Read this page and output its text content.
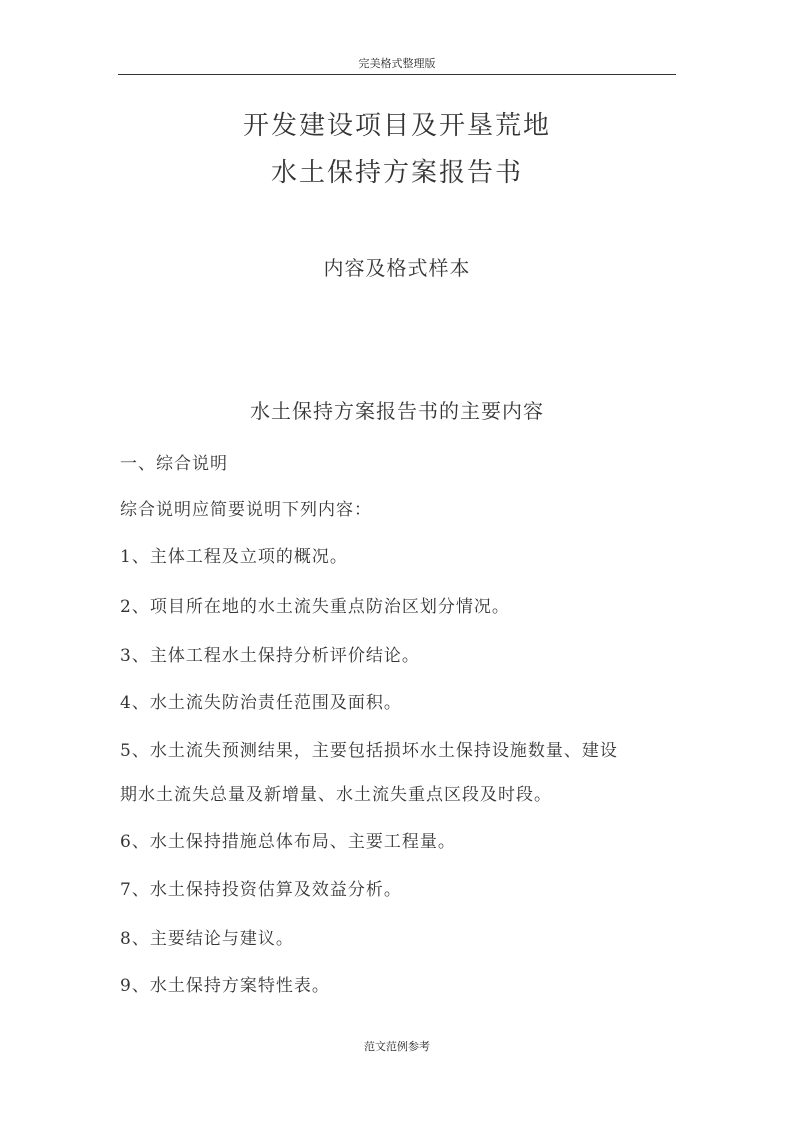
完美格式整理版
开发建设项目及开垦荒地
水土保持方案报告书
内容及格式样本
水土保持方案报告书的主要内容
一、综合说明
综合说明应简要说明下列内容：
1、主体工程及立项的概况。
2、项目所在地的水土流失重点防治区划分情况。
3、主体工程水土保持分析评价结论。
4、水土流失防治责任范围及面积。
5、水土流失预测结果，主要包括损坏水土保持设施数量、建设
期水土流失总量及新增量、水土流失重点区段及时段。
6、水土保持措施总体布局、主要工程量。
7、水土保持投资估算及效益分析。
8、主要结论与建议。
9、水土保持方案特性表。
范文范例参考
